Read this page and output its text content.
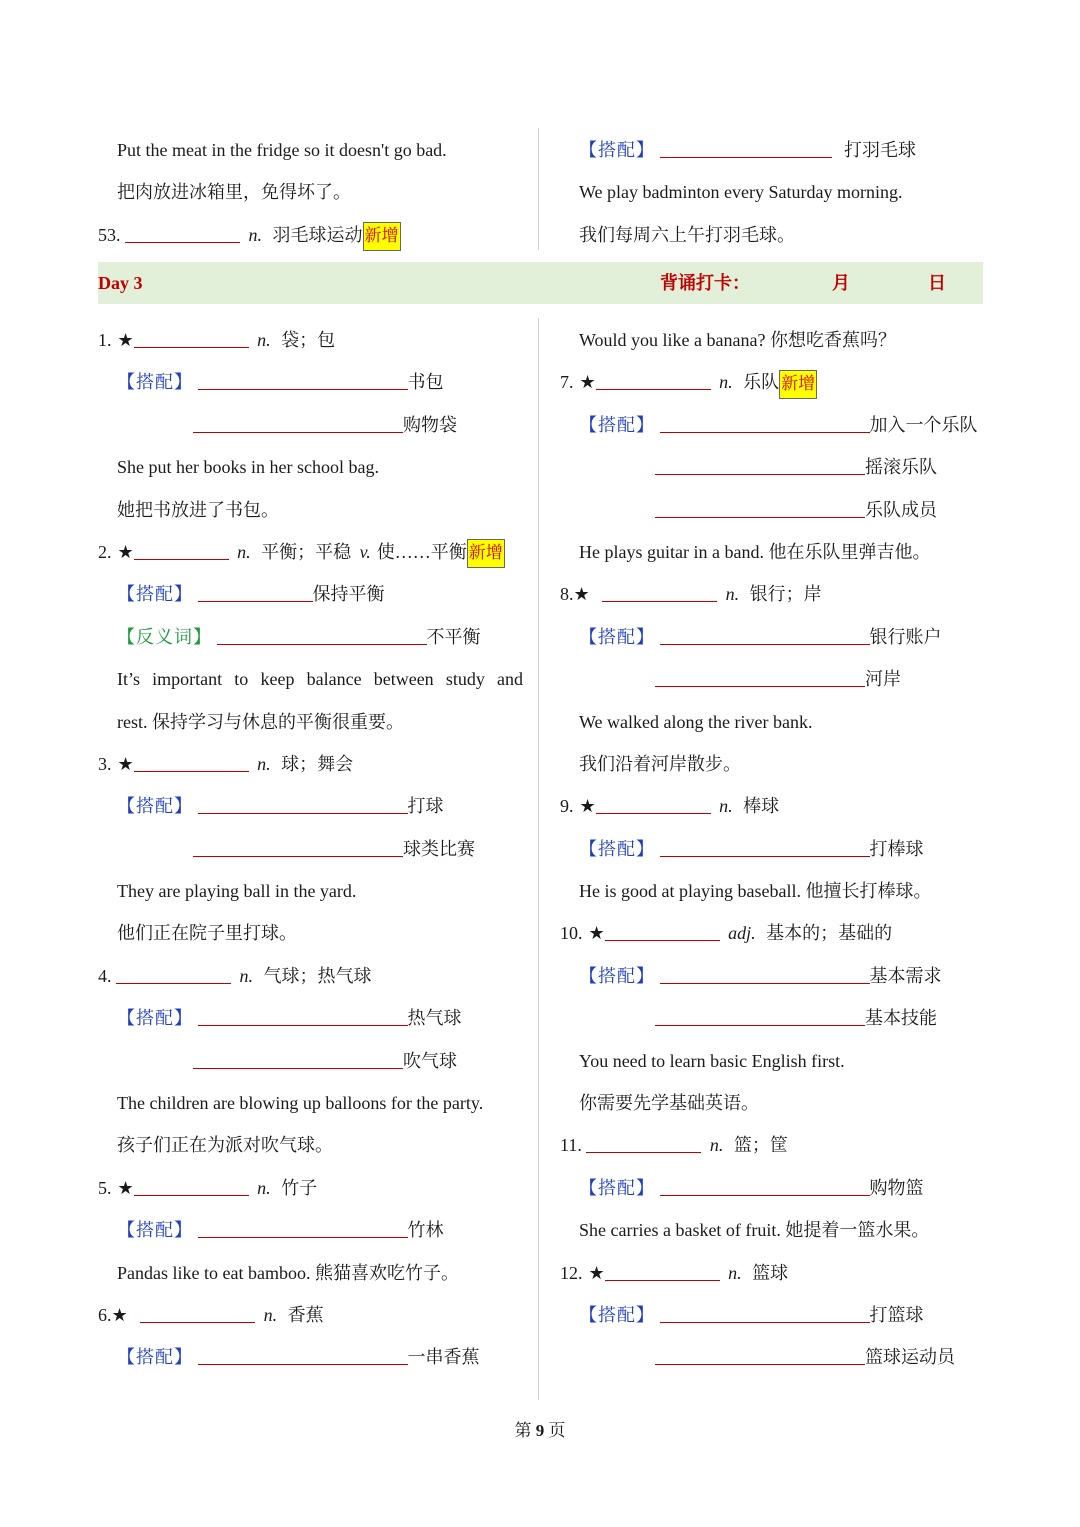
Put the meat in the fridge so it doesn't go bad.
把肉放进冰箱里，免得坏了。
53.	n. 羽毛球运动 新增
【搭配】	打羽毛球
We play badminton every Saturday morning.
我们每周六上午打羽毛球。
Day 3	背诵打卡：	月	日
1. ★	n. 袋；包
【搭配】	书包
购物袋
She put her books in her school bag.
她把书放进了书包。
2. ★	n. 平衡；平稳 v. 使……平衡 新增
【搭配】	保持平衡
【反义词】	不平衡
It’s important to keep balance between study and
rest. 保持学习与休息的平衡很重要。
3. ★	n. 球；舞会
【搭配】	打球
球类比赛
They are playing ball in the yard.
他们正在院子里打球。
4.	n. 气球；热气球
【搭配】	热气球
吹气球
The children are blowing up balloons for the party.
孩子们正在为派对吹气球。
5. ★	n. 竹子
【搭配】	竹林
Pandas like to eat bamboo. 熊猫喜欢吃竹子。
6.★	n. 香蕉
【搭配】	一串香蕉
Would you like a banana? 你想吃香蕉吗？
7. ★	n. 乐队 新增
【搭配】	加入一个乐队
摇滚乐队
乐队成员
He plays guitar in a band. 他在乐队里弹吉他。
8.★	n. 银行；岸
【搭配】	银行账户
河岸
We walked along the river bank.
我们沿着河岸散步。
9. ★	n. 棒球
【搭配】	打棒球
He is good at playing baseball. 他擅长打棒球。
10. ★	adj. 基本的；基础的
【搭配】	基本需求
基本技能
You need to learn basic English first.
你需要先学基础英语。
11.	n. 篮；筐
【搭配】	购物篮
She carries a basket of fruit. 她提着一篮水果。
12. ★	n. 篮球
【搭配】	打篮球
篮球运动员
第 9 页
